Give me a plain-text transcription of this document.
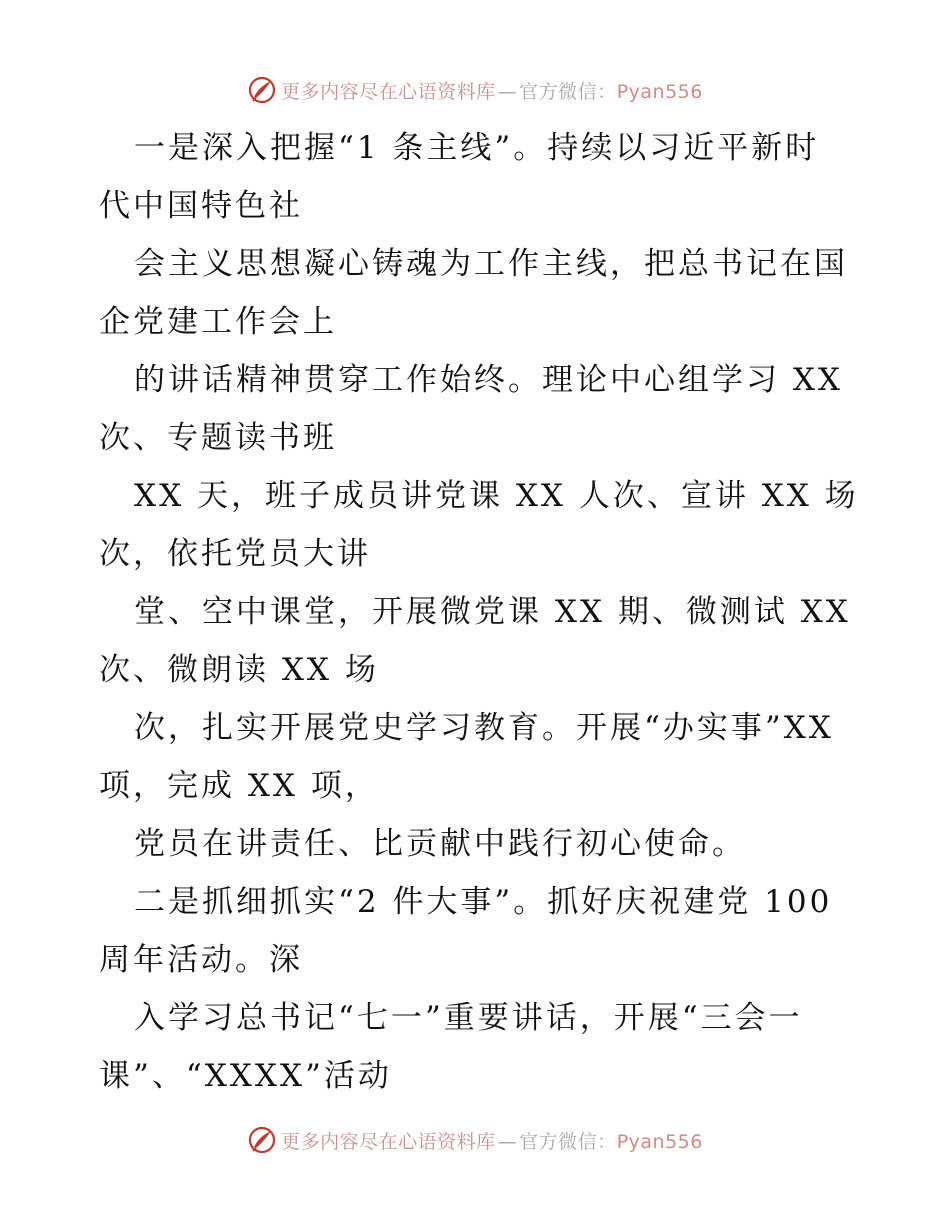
更多内容尽在心语资料库 — 官方微信：Pyan556
一是深入把握“1 条主线”。持续以习近平新时
代中国特色社
会主义思想凝心铸魂为工作主线，把总书记在国
企党建工作会上
的讲话精神贯穿工作始终。理论中心组学习 XX
次、专题读书班
XX 天，班子成员讲党课 XX 人次、宣讲 XX 场
次，依托党员大讲
堂、空中课堂，开展微党课 XX 期、微测试 XX
次、微朗读 XX 场
次，扎实开展党史学习教育。开展“办实事”XX
项，完成 XX 项，
党员在讲责任、比贡献中践行初心使命。
二是抓细抓实“2 件大事”。抓好庆祝建党 100
周年活动。深
入学习总书记“七一”重要讲话，开展“三会一
课”、“XXXX”活动
更多内容尽在心语资料库 — 官方微信：Pyan556
